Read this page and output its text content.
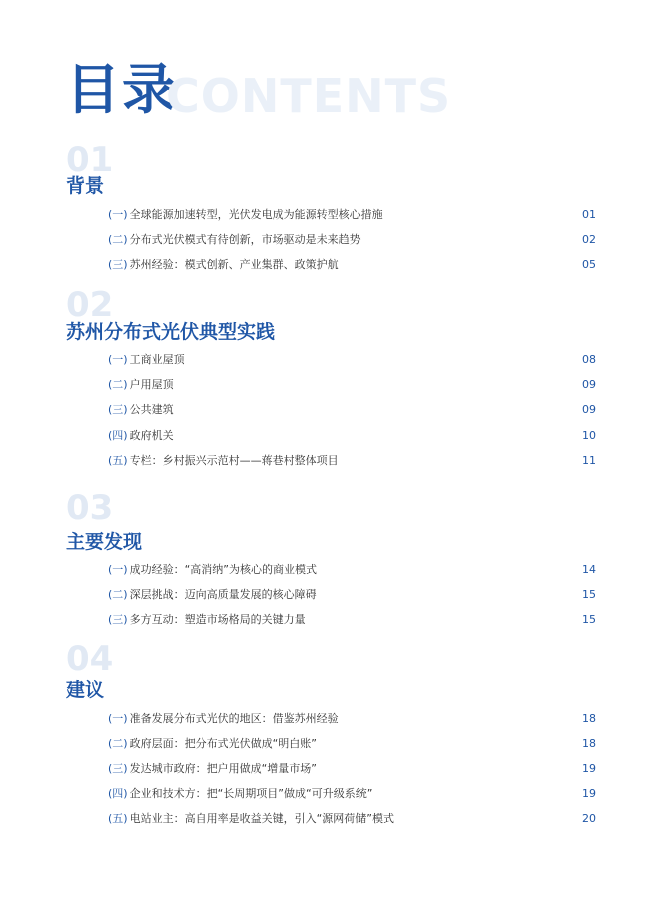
目录
CONTENTS
01
背景
(一) 全球能源加速转型，光伏发电成为能源转型核心措施	01
(二) 分布式光伏模式有待创新，市场驱动是未来趋势	02
(三) 苏州经验：模式创新、产业集群、政策护航	05
02
苏州分布式光伏典型实践
(一) 工商业屋顶	08
(二) 户用屋顶	09
(三) 公共建筑	09
(四) 政府机关	10
(五) 专栏：乡村振兴示范村——蒋巷村整体项目	11
03
主要发现
(一) 成功经验：“高消纳”为核心的商业模式	14
(二) 深层挑战：迈向高质量发展的核心障碍	15
(三) 多方互动：塑造市场格局的关键力量	15
04
建议
(一) 准备发展分布式光伏的地区：借鉴苏州经验	18
(二) 政府层面：把分布式光伏做成“明白账”	18
(三) 发达城市政府：把户用做成“增量市场”	19
(四) 企业和技术方：把“长周期项目”做成“可升级系统”	19
(五) 电站业主：高自用率是收益关键，引入“源网荷储”模式	20
